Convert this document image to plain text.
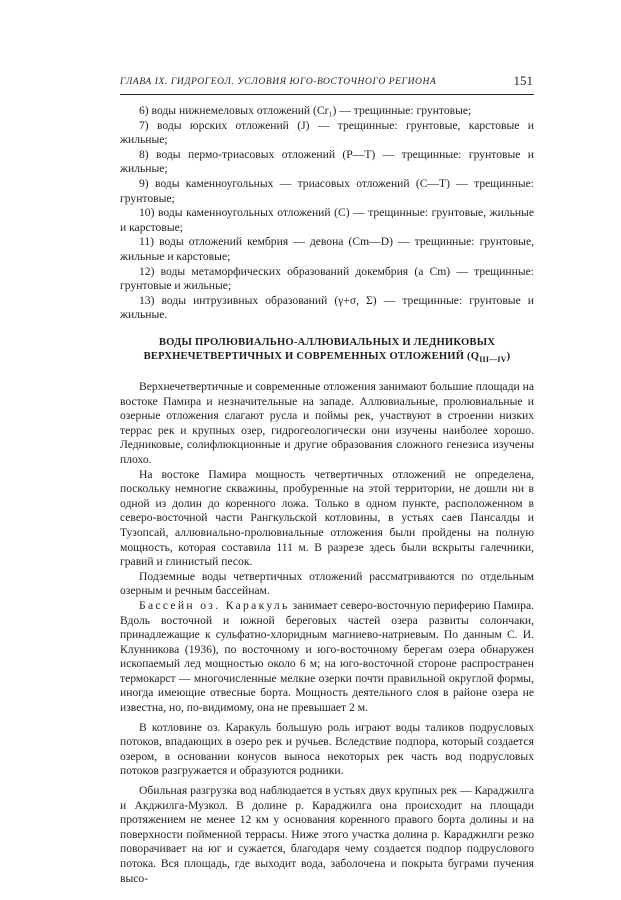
ГЛАВА IX. ГИДРОГЕОЛ. УСЛОВИЯ ЮГО-ВОСТОЧНОГО РЕГИОНА	151

6) воды нижнемеловых отложений (Cr₁) — трещинные: грунтовые;

7) воды юрских отложений (J) — трещинные: грунтовые, карстовые и жильные;

8) воды пермо-триасовых отложений (P—T) — трещинные: грунтовые и жильные;

9) воды каменноугольных — триасовых отложений (C—T) — трещинные: грунтовые;

10) воды каменноугольных отложений (C) — трещинные: грунтовые, жильные и карстовые;

11) воды отложений кембрия — девона (Cm—D) — трещинные: грунтовые, жильные и карстовые;

12) воды метаморфических образований докембрия (a Cm) — трещинные: грунтовые и жильные;

13) воды интрузивных образований (γ+σ, Σ) — трещинные: грунтовые и жильные.

ВОДЫ ПРОЛЮВИАЛЬНО-АЛЛЮВИАЛЬНЫХ И ЛЕДНИКОВЫХ
ВЕРХНЕЧЕТВЕРТИЧНЫХ И СОВРЕМЕННЫХ ОТЛОЖЕНИЙ $(Q_{III—IV})$

Верхнечетвертичные и современные отложения занимают большие площади на востоке Памира и незначительные на западе. Аллювиальные, пролювиальные и озерные отложения слагают русла и поймы рек, участвуют в строении низких террас рек и крупных озер, гидрогеологически они изучены наиболее хорошо. Ледниковые, солифлюкционные и другие образования сложного генезиса изучены плохо.

На востоке Памира мощность четвертичных отложений не определена, поскольку немногие скважины, пробуренные на этой территории, не дошли ни в одной из долин до коренного ложа. Только в одном пункте, расположенном в северо-восточной части Рангкульской котловины, в устьях саев Пансалды и Тузопсай, аллювиально-пролювиальные отложения были пройдены на полную мощность, которая составила 111 м. В разрезе здесь были вскрыты галечники, гравий и глинистый песок.

Подземные воды четвертичных отложений рассматриваются по отдельным озерным и речным бассейнам.

Бассейн оз. Каракуль занимает северо-восточную периферию Памира. Вдоль восточной и южной береговых частей озера развиты солончаки, принадлежащие к сульфатно-хлоридным магниево-натриевым. По данным С. И. Клунникова (1936), по восточному и юго-восточному берегам озера обнаружен ископаемый лед мощностью около 6 м; на юго-восточной стороне распространен термокарст — многочисленные мелкие озерки почти правильной округлой формы, иногда имеющие отвесные борта. Мощность деятельного слоя в районе озера не известна, но, по-видимому, она не превышает 2 м.

В котловине оз. Каракуль большую роль играют воды таликов подрусловых потоков, впадающих в озеро рек и ручьев. Вследствие подпора, который создается озером, в основании конусов выноса некоторых рек часть вод подрусловых потоков разгружается и образуются родники.

Обильная разгрузка вод наблюдается в устьях двух крупных рек — Караджилга и Акджилга-Музкол. В долине р. Караджилга она происходит на площади протяжением не менее 12 км у основания коренного правого борта долины и на поверхности пойменной террасы. Ниже этого участка долина р. Караджилги резко поворачивает на юг и сужается, благодаря чему создается подпор подруслового потока. Вся площадь, где выходит вода, заболочена и покрыта буграми пучения высо-
